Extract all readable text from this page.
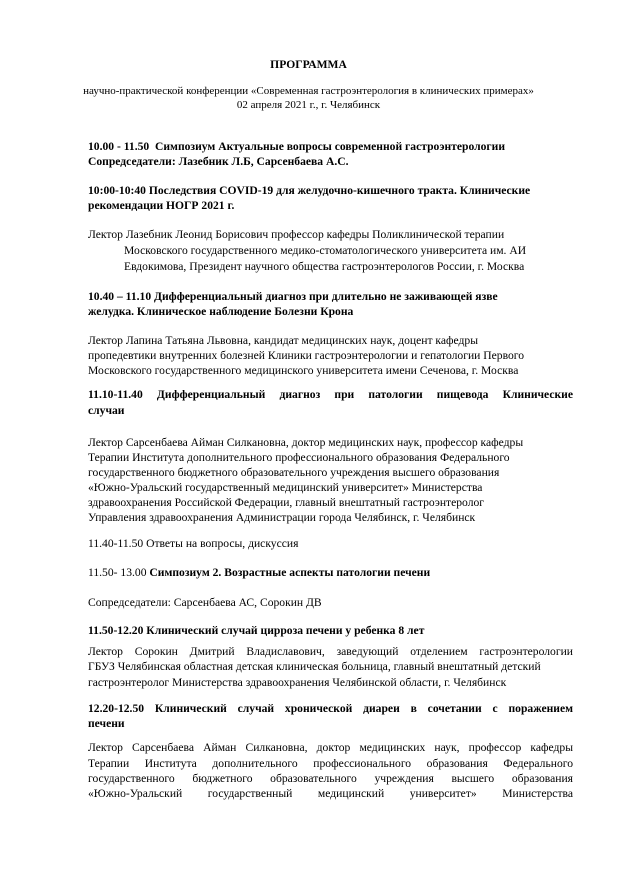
ПРОГРАММА
научно-практической конференции «Современная гастроэнтерология в клинических примерах»
02 апреля 2021 г., г. Челябинск
10.00 - 11.50 Симпозиум Актуальные вопросы современной гастроэнтерологии
Сопредседатели: Лазебник Л.Б, Сарсенбаева А.С.
10:00-10:40 Последствия COVID-19 для желудочно-кишечного тракта. Клинические
рекомендации НОГР 2021 г.
Лектор Лазебник Леонид Борисович профессор кафедры Поликлинической терапии
Московского государственного медико-стоматологического университета им. АИ
Евдокимова, Президент научного общества гастроэнтерологов России, г. Москва
10.40 – 11.10 Дифференциальный диагноз при длительно не заживающей язве
желудка. Клиническое наблюдение Болезни Крона
Лектор Лапина Татьяна Львовна, кандидат медицинских наук, доцент кафедры
пропедевтики внутренних болезней Клиники гастроэнтерологии и гепатологии Первого
Московского государственного медицинского университета имени Сеченова, г. Москва
11.10-11.40 Дифференциальный диагноз при патологии пищевода Клинические
случаи
Лектор Сарсенбаева Айман Силкановна, доктор медицинских наук, профессор кафедры
Терапии Института дополнительного профессионального образования Федерального
государственного бюджетного образовательного учреждения высшего образования
«Южно-Уральский государственный медицинский университет» Министерства
здравоохранения Российской Федерации, главный внештатный гастроэнтеролог
Управления здравоохранения Администрации города Челябинск, г. Челябинск
11.40-11.50 Ответы на вопросы, дискуссия
11.50- 13.00 Симпозиум 2. Возрастные аспекты патологии печени
Сопредседатели: Сарсенбаева АС, Сорокин ДВ
11.50-12.20 Клинический случай цирроза печени у ребенка 8 лет
Лектор Сорокин Дмитрий Владиславович, заведующий отделением гастроэнтерологии
ГБУЗ Челябинская областная детская клиническая больница, главный внештатный детский
гастроэнтеролог Министерства здравоохранения Челябинской области, г. Челябинск
12.20-12.50 Клинический случай хронической диареи в сочетании с поражением
печени
Лектор Сарсенбаева Айман Силкановна, доктор медицинских наук, профессор кафедры
Терапии Института дополнительного профессионального образования Федерального
государственного бюджетного образовательного учреждения высшего образования
«Южно-Уральский государственный медицинский университет» Министерства
